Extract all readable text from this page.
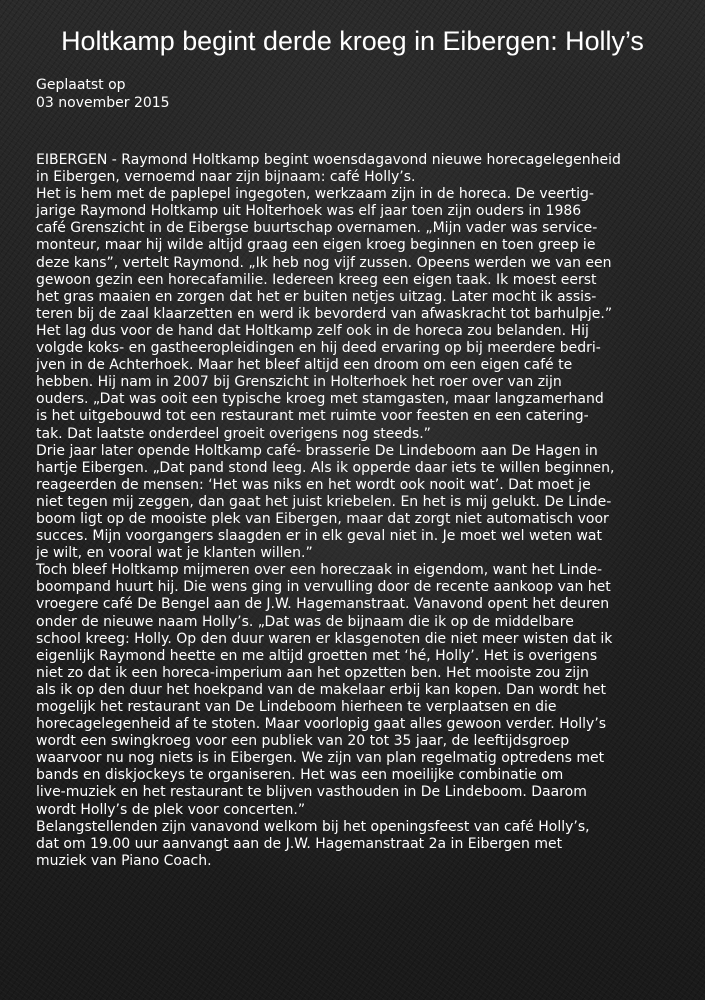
Holtkamp begint derde kroeg in Eibergen: Holly’s
Geplaatst op
03 november 2015
EIBERGEN - Raymond Holtkamp begint woensdagavond nieuwe horecagelegenheid
in Eibergen, vernoemd naar zijn bijnaam: café Holly’s.
Het is hem met de paplepel ingegoten, werkzaam zijn in de horeca. De veertig-
jarige Raymond Holtkamp uit Holterhoek was elf jaar toen zijn ouders in 1986
café Grenszicht in de Eibergse buurtschap overnamen. „Mijn vader was service-
monteur, maar hij wilde altijd graag een eigen kroeg beginnen en toen greep ie
deze kans”, vertelt Raymond. „Ik heb nog vijf zussen. Opeens werden we van een
gewoon gezin een horecafamilie. Iedereen kreeg een eigen taak. Ik moest eerst
het gras maaien en zorgen dat het er buiten netjes uitzag. Later mocht ik assis-
teren bij de zaal klaarzetten en werd ik bevorderd van afwaskracht tot barhulpje.”
Het lag dus voor de hand dat Holtkamp zelf ook in de horeca zou belanden. Hij
volgde koks- en gastheeropleidingen en hij deed ervaring op bij meerdere bedri-
jven in de Achterhoek. Maar het bleef altijd een droom om een eigen café te
hebben. Hij nam in 2007 bij Grenszicht in Holterhoek het roer over van zijn
ouders. „Dat was ooit een typische kroeg met stamgasten, maar langzamerhand
is het uitgebouwd tot een restaurant met ruimte voor feesten en een catering-
tak. Dat laatste onderdeel groeit overigens nog steeds.”
Drie jaar later opende Holtkamp café- brasserie De Lindeboom aan De Hagen in
hartje Eibergen. „Dat pand stond leeg. Als ik opperde daar iets te willen beginnen,
reageerden de mensen: ‘Het was niks en het wordt ook nooit wat’. Dat moet je
niet tegen mij zeggen, dan gaat het juist kriebelen. En het is mij gelukt. De Linde-
boom ligt op de mooiste plek van Eibergen, maar dat zorgt niet automatisch voor
succes. Mijn voorgangers slaagden er in elk geval niet in. Je moet wel weten wat
je wilt, en vooral wat je klanten willen.”
Toch bleef Holtkamp mijmeren over een horeczaak in eigendom, want het Linde-
boompand huurt hij. Die wens ging in vervulling door de recente aankoop van het
vroegere café De Bengel aan de J.W. Hagemanstraat. Vanavond opent het deuren
onder de nieuwe naam Holly’s. „Dat was de bijnaam die ik op de middelbare
school kreeg: Holly. Op den duur waren er klasgenoten die niet meer wisten dat ik
eigenlijk Raymond heette en me altijd groetten met ‘hé, Holly’. Het is overigens
niet zo dat ik een horeca-imperium aan het opzetten ben. Het mooiste zou zijn
als ik op den duur het hoekpand van de makelaar erbij kan kopen. Dan wordt het
mogelijk het restaurant van De Lindeboom hierheen te verplaatsen en die
horecagelegenheid af te stoten. Maar voorlopig gaat alles gewoon verder. Holly’s
wordt een swingkroeg voor een publiek van 20 tot 35 jaar, de leeftijdsgroep
waarvoor nu nog niets is in Eibergen. We zijn van plan regelmatig optredens met
bands en diskjockeys te organiseren. Het was een moeilijke combinatie om
live-muziek en het restaurant te blijven vasthouden in De Lindeboom. Daarom
wordt Holly’s de plek voor concerten.”
Belangstellenden zijn vanavond welkom bij het openingsfeest van café Holly’s,
dat om 19.00 uur aanvangt aan de J.W. Hagemanstraat 2a in Eibergen met
muziek van Piano Coach.
